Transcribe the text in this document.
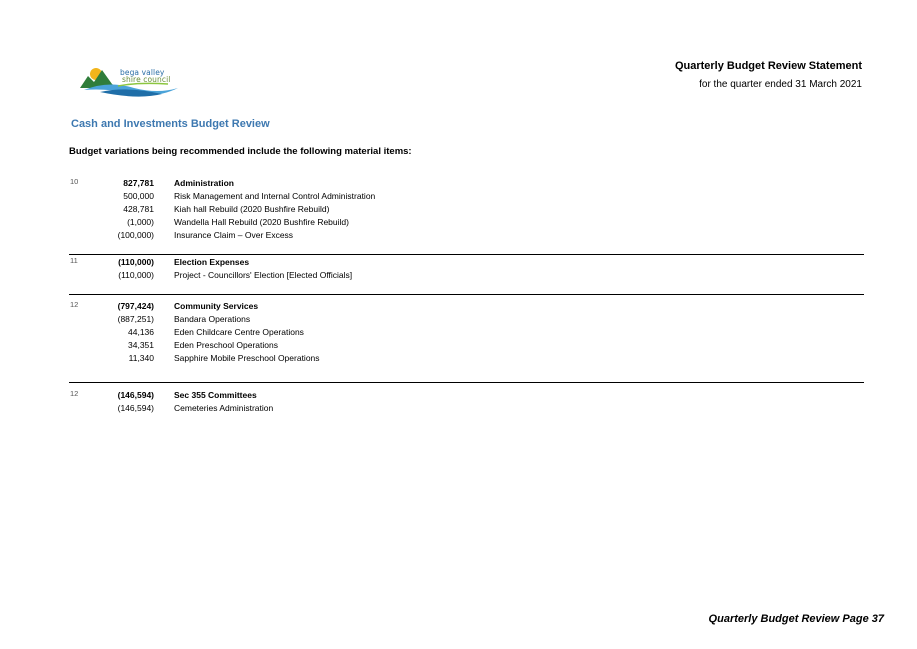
bega valley
shire council
Quarterly Budget Review Statement
for the quarter ended 31 March 2021
Cash and Investments Budget Review
Budget variations being recommended include the following material items:
10	827,781 Administration
500,000 Risk Management and Internal Control Administration
428,781 Kiah hall Rebuild (2020 Bushfire Rebuild)
(1,000) Wandella Hall Rebuild (2020 Bushfire Rebuild)
(100,000) Insurance Claim – Over Excess
11	(110,000) Election Expenses
(110,000) Project - Councillors' Election [Elected Officials]
12	(797,424) Community Services
(887,251) Bandara Operations
44,136 Eden Childcare Centre Operations
34,351 Eden Preschool Operations
11,340 Sapphire Mobile Preschool Operations
12	(146,594) Sec 355 Committees
(146,594) Cemeteries Administration
Quarterly Budget Review Page 37
